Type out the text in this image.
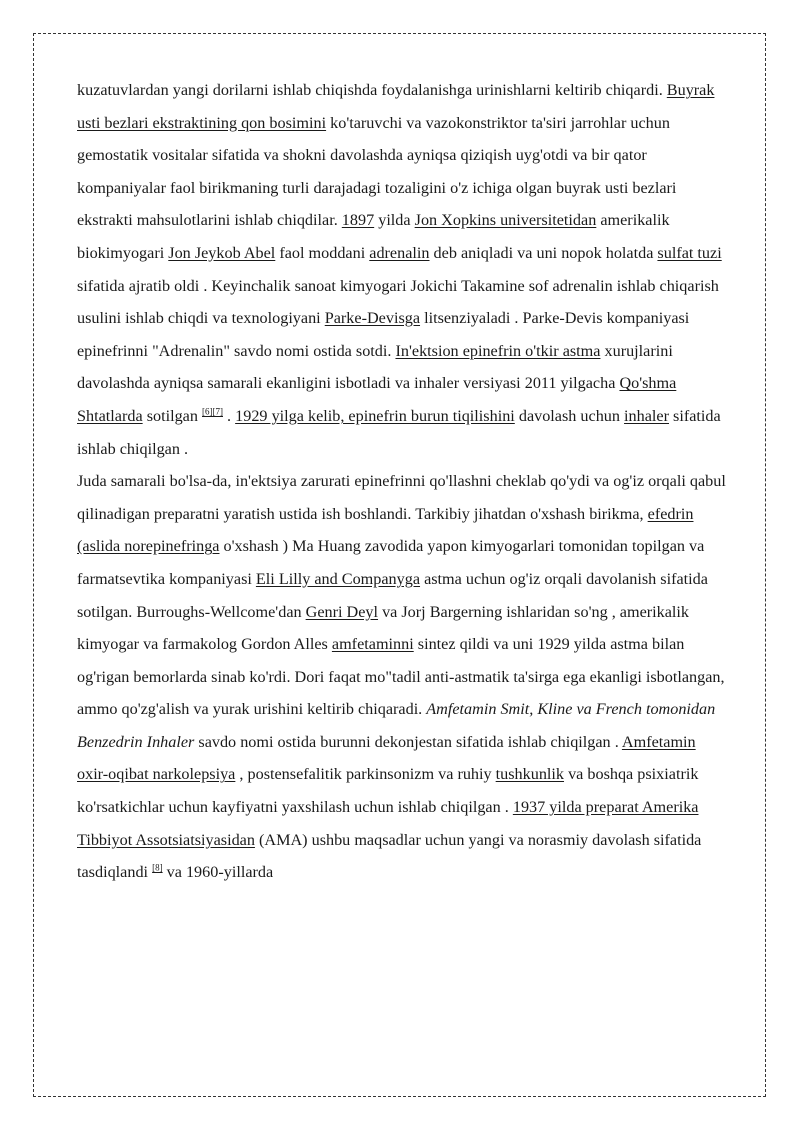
kuzatuvlardan yangi dorilarni ishlab chiqishda foydalanishga urinishlarni keltirib chiqardi. Buyrak usti bezlari ekstraktining qon bosimini ko'taruvchi va vazokonstriktor ta'siri jarrohlar uchun gemostatik vositalar sifatida va shokni davolashda ayniqsa qiziqish uyg'otdi va bir qator kompaniyalar faol birikmaning turli darajadagi tozaligini o'z ichiga olgan buyrak usti bezlari ekstrakti mahsulotlarini ishlab chiqdilar. 1897 yilda Jon Xopkins universitetidan amerikalik biokimyogari Jon Jeykob Abel faol moddani adrenalin deb aniqladi va uni nopok holatda sulfat tuzi sifatida ajratib oldi . Keyinchalik sanoat kimyogari Jokichi Takamine sof adrenalin ishlab chiqarish usulini ishlab chiqdi va texnologiyani Parke-Devisga litsenziyaladi . Parke-Devis kompaniyasi epinefrinni "Adrenalin" savdo nomi ostida sotdi. In'ektsion epinefrin o'tkir astma xurujlarini davolashda ayniqsa samarali ekanligini isbotladi va inhaler versiyasi 2011 yilgacha Qo'shma Shtatlarda sotilgan [6][7] . 1929 yilga kelib, epinefrin burun tiqilishini davolash uchun inhaler sifatida ishlab chiqilgan .

Juda samarali bo'lsa-da, in'ektsiya zarurati epinefrinni qo'llashni cheklab qo'ydi va og'iz orqali qabul qilinadigan preparatni yaratish ustida ish boshlandi. Tarkibiy jihatdan o'xshash birikma, efedrin (aslida norepinefringa o'xshash ) Ma Huang zavodida yapon kimyogarlari tomonidan topilgan va farmatsevtika kompaniyasi Eli Lilly and Companyga astma uchun og'iz orqali davolanish sifatida sotilgan. Burroughs-Wellcome'dan Genri Deyl va Jorj Bargerning ishlaridan so'ng , amerikalik kimyogar va farmakolog Gordon Alles amfetaminni sintez qildi va uni 1929 yilda astma bilan og'rigan bemorlarda sinab ko'rdi. Dori faqat mo"tadil anti-astmatik ta'sirga ega ekanligi isbotlangan, ammo qo'zg'alish va yurak urishini keltirib chiqaradi. Amfetamin Smit, Kline va French tomonidan Benzedrin Inhaler savdo nomi ostida burunni dekonjestan sifatida ishlab chiqilgan . Amfetamin oxir-oqibat narkolepsiya , postensefalitik parkinsonizm va ruhiy tushkunlik va boshqa psixiatrik ko'rsatkichlar uchun kayfiyatni yaxshilash uchun ishlab chiqilgan . 1937 yilda preparat Amerika Tibbiyot Assotsiatsiyasidan (AMA) ushbu maqsadlar uchun yangi va norasmiy davolash sifatida tasdiqlandi [8] va 1960-yillarda
